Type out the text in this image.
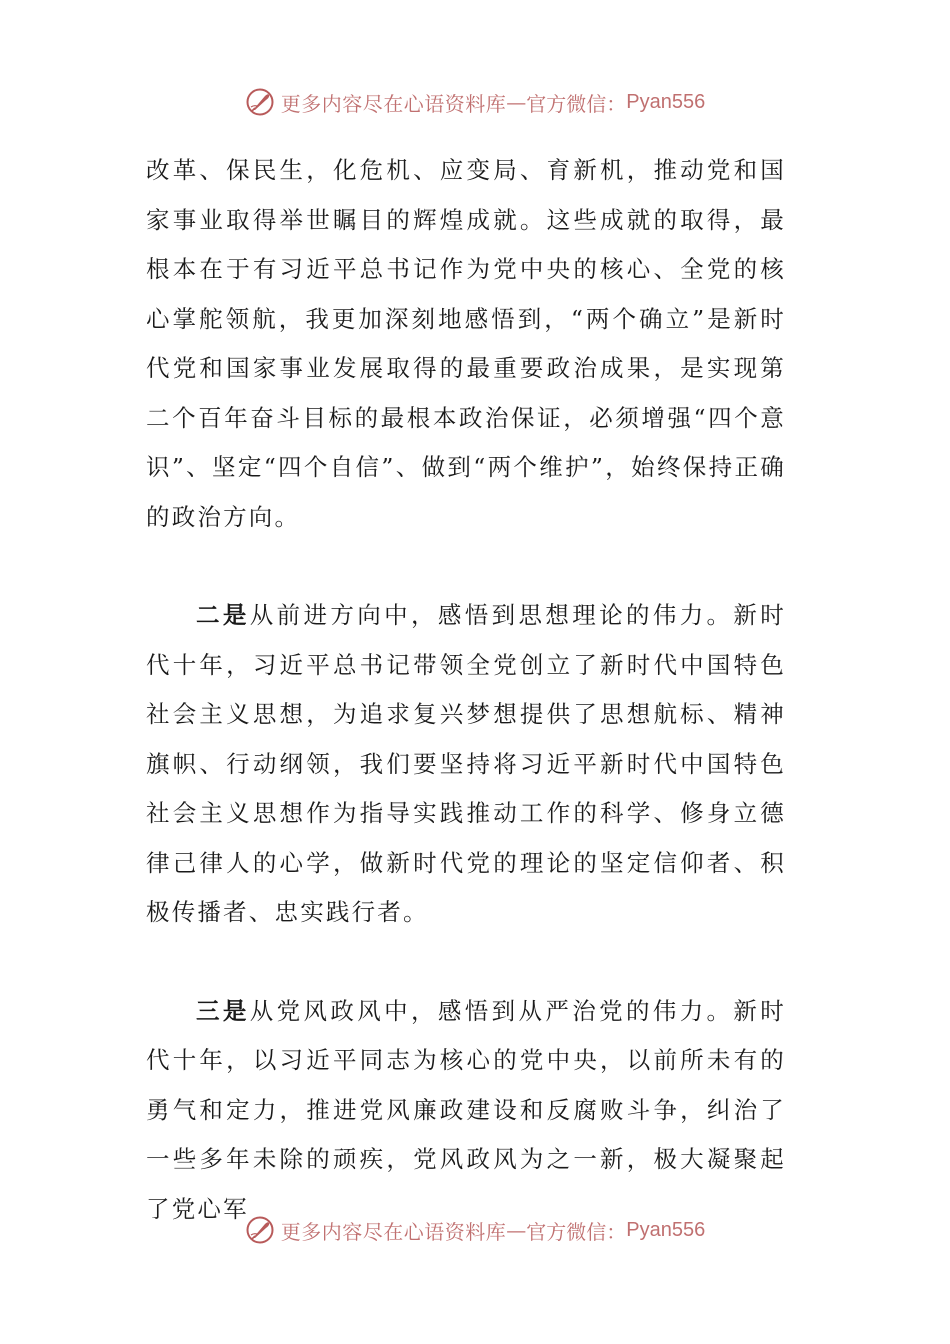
更多内容尽在心语资料库 — 官方微信： Pyan556

改革、保民生，化危机、应变局、育新机，推动党和国家事业取得举世瞩目的辉煌成就。这些成就的取得，最根本在于有习近平总书记作为党中央的核心、全党的核心掌舵领航，我更加深刻地感悟到，“两个确立”是新时代党和国家事业发展取得的最重要政治成果，是实现第二个百年奋斗目标的最根本政治保证，必须增强“四个意识”、坚定“四个自信”、做到“两个维护”，始终保持正确的政治方向。

二是从前进方向中，感悟到思想理论的伟力。新时代十年，习近平总书记带领全党创立了新时代中国特色社会主义思想，为追求复兴梦想提供了思想航标、精神旗帜、行动纲领，我们要坚持将习近平新时代中国特色社会主义思想作为指导实践推动工作的科学、修身立德律己律人的心学，做新时代党的理论的坚定信仰者、积极传播者、忠实践行者。

三是从党风政风中，感悟到从严治党的伟力。新时代十年，以习近平同志为核心的党中央，以前所未有的勇气和定力，推进党风廉政建设和反腐败斗争，纠治了一些多年未除的顽疾，党风政风为之一新，极大凝聚起了党心军

更多内容尽在心语资料库 — 官方微信： Pyan556
